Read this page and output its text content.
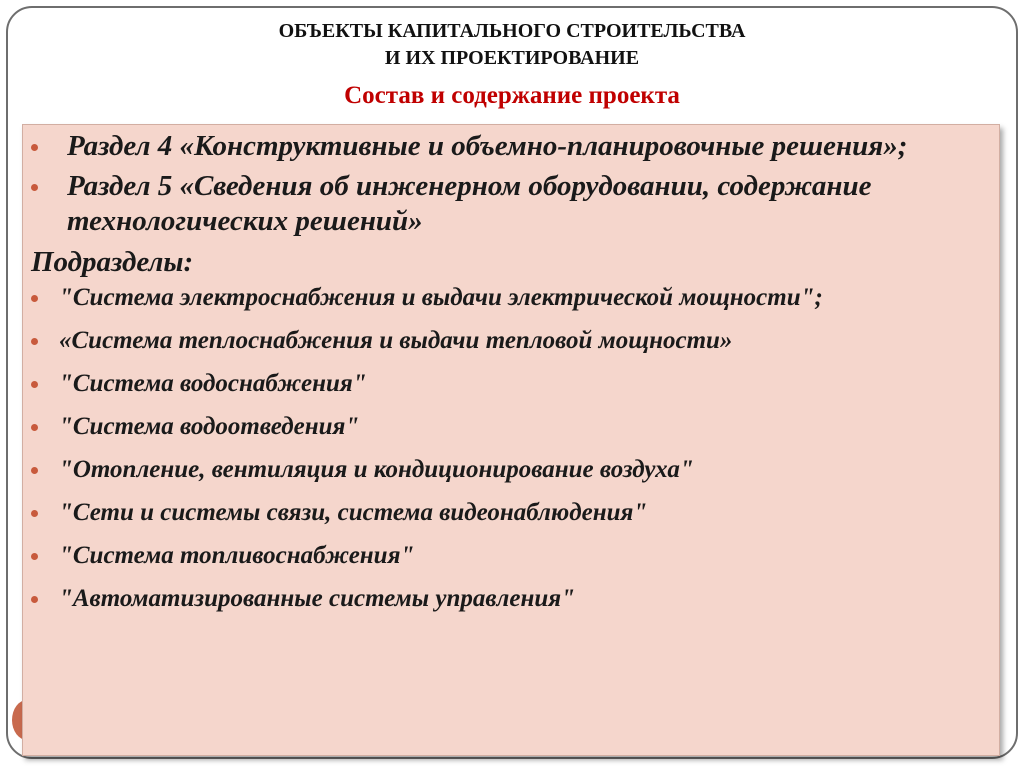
ОБЪЕКТЫ КАПИТАЛЬНОГО СТРОИТЕЛЬСТВА
И ИХ ПРОЕКТИРОВАНИЕ
Состав и содержание проекта
Раздел 4 «Конструктивные и объемно-планировочные решения»;
Раздел 5 «Сведения об инженерном оборудовании, содержание технологических решений»
Подразделы:
"Система электроснабжения и выдачи электрической мощности";
«Система теплоснабжения и выдачи тепловой мощности»
"Система водоснабжения"
"Система водоотведения"
"Отопление, вентиляция и кондиционирование воздуха"
"Сети и системы связи, система видеонаблюдения"
"Система топливоснабжения"
"Автоматизированные системы управления"
